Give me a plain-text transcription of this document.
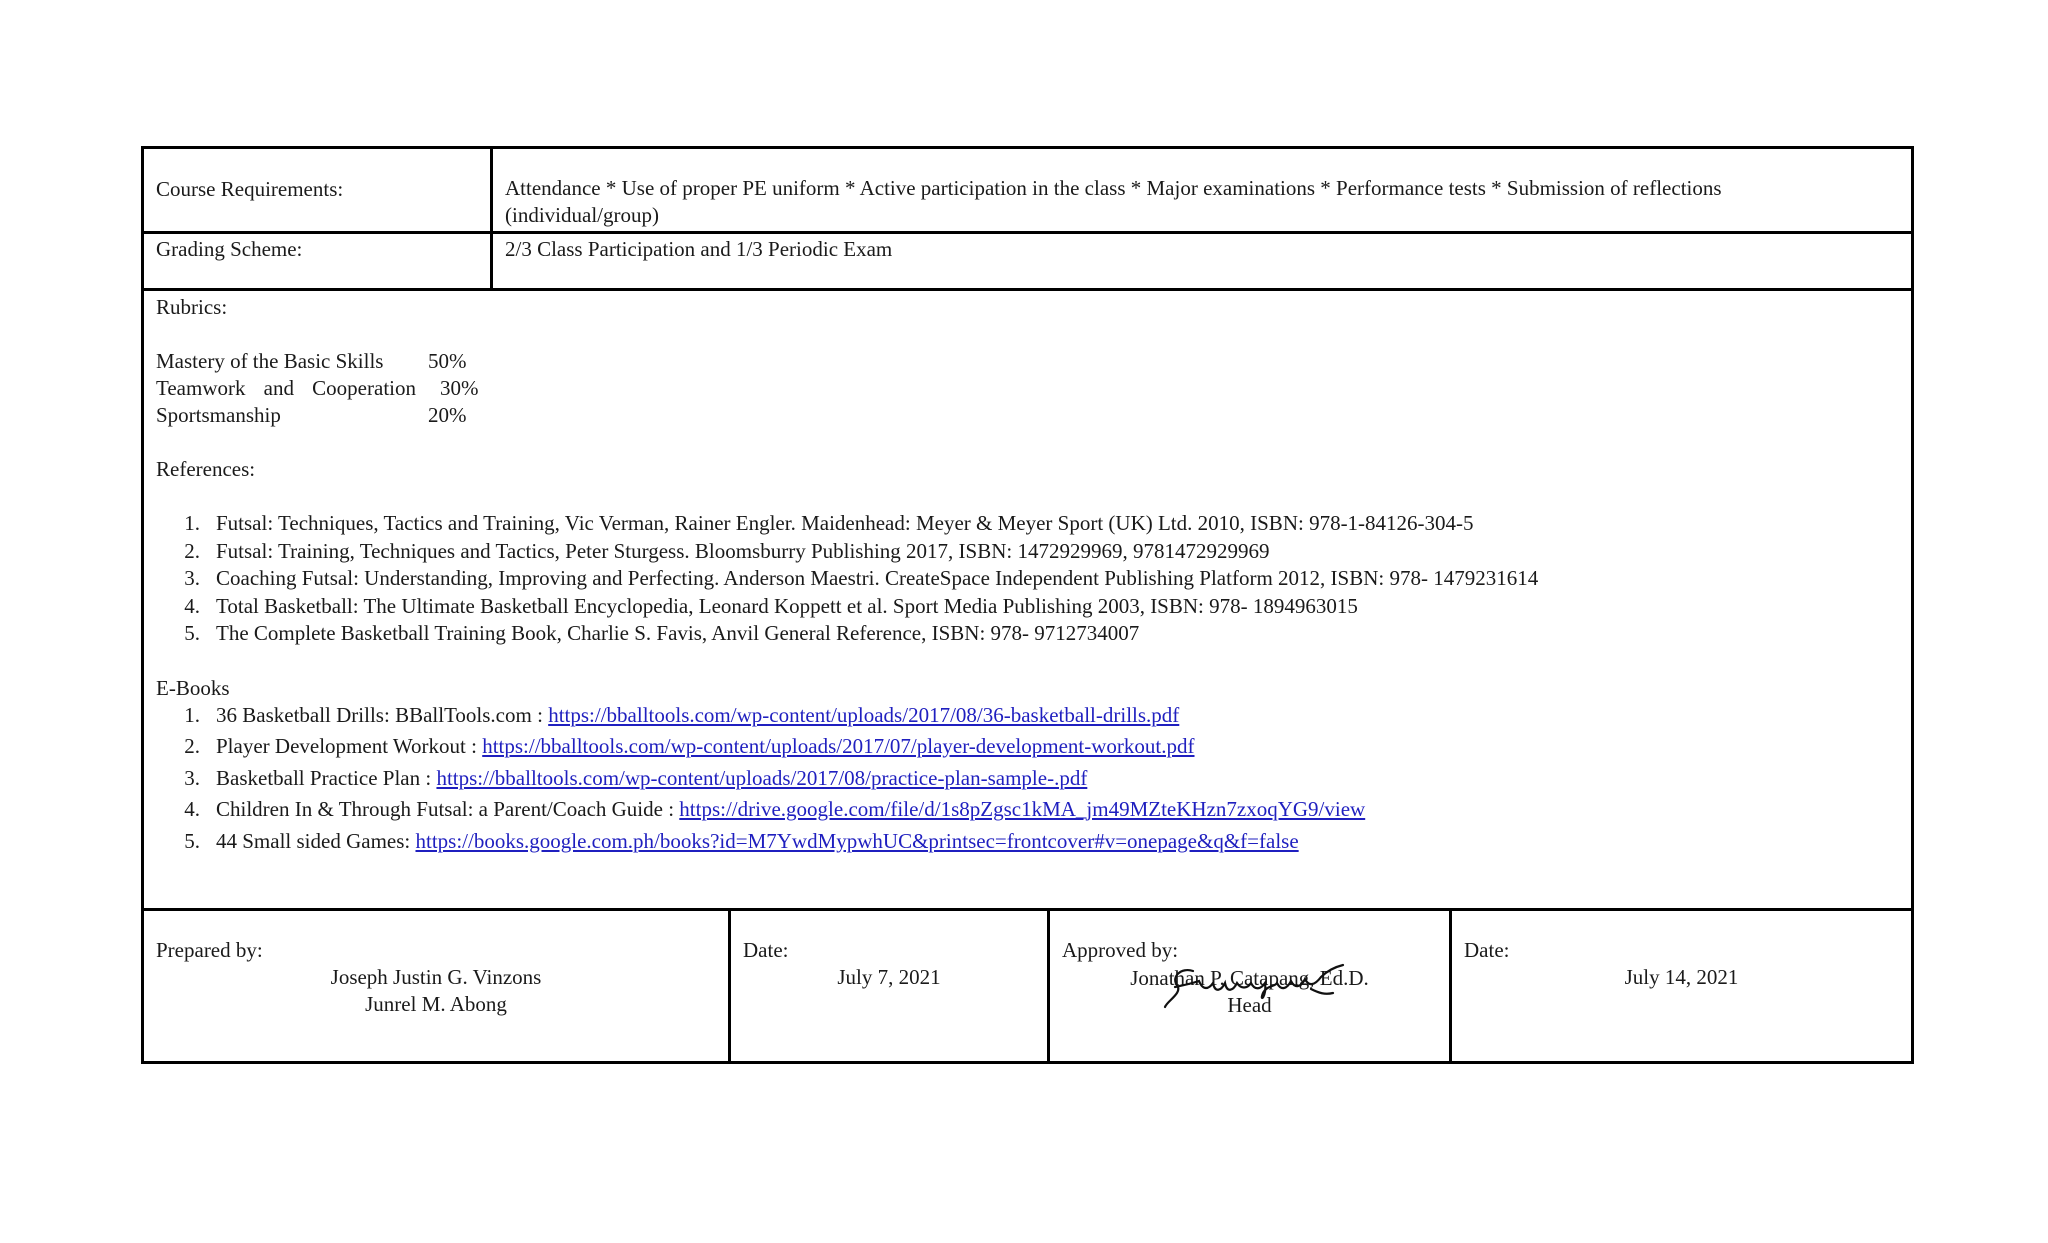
Course Requirements:	Attendance * Use of proper PE uniform * Active participation in the class * Major examinations * Performance tests * Submission of reflections (individual/group)
Grading Scheme:	2/3 Class Participation and 1/3 Periodic Exam
Rubrics:
Mastery of the Basic Skills	50%
Teamwork and Cooperation 30%
Sportsmanship	20%
References:
1. Futsal: Techniques, Tactics and Training, Vic Verman, Rainer Engler. Maidenhead: Meyer & Meyer Sport (UK) Ltd. 2010, ISBN: 978-1-84126-304-5
2. Futsal: Training, Techniques and Tactics, Peter Sturgess. Bloomsburry Publishing 2017, ISBN: 1472929969, 9781472929969
3. Coaching Futsal: Understanding, Improving and Perfecting. Anderson Maestri. CreateSpace Independent Publishing Platform 2012, ISBN: 978- 1479231614
4. Total Basketball: The Ultimate Basketball Encyclopedia, Leonard Koppett et al. Sport Media Publishing 2003, ISBN: 978- 1894963015
5. The Complete Basketball Training Book, Charlie S. Favis, Anvil General Reference, ISBN: 978- 9712734007
E-Books
1. 36 Basketball Drills: BBallTools.com : https://bballtools.com/wp-content/uploads/2017/08/36-basketball-drills.pdf
2. Player Development Workout : https://bballtools.com/wp-content/uploads/2017/07/player-development-workout.pdf
3. Basketball Practice Plan : https://bballtools.com/wp-content/uploads/2017/08/practice-plan-sample-.pdf
4. Children In & Through Futsal: a Parent/Coach Guide : https://drive.google.com/file/d/1s8pZgsc1kMA_jm49MZteKHzn7zxoqYG9/view
5. 44 Small sided Games: https://books.google.com.ph/books?id=M7YwdMypwhUC&printsec=frontcover#v=onepage&q&f=false
Prepared by:
Joseph Justin G. Vinzons
Junrel M. Abong
Date:
July 7, 2021
Approved by:
Jonathan P. Catapang, Ed.D.
Head
Date:
July 14, 2021
